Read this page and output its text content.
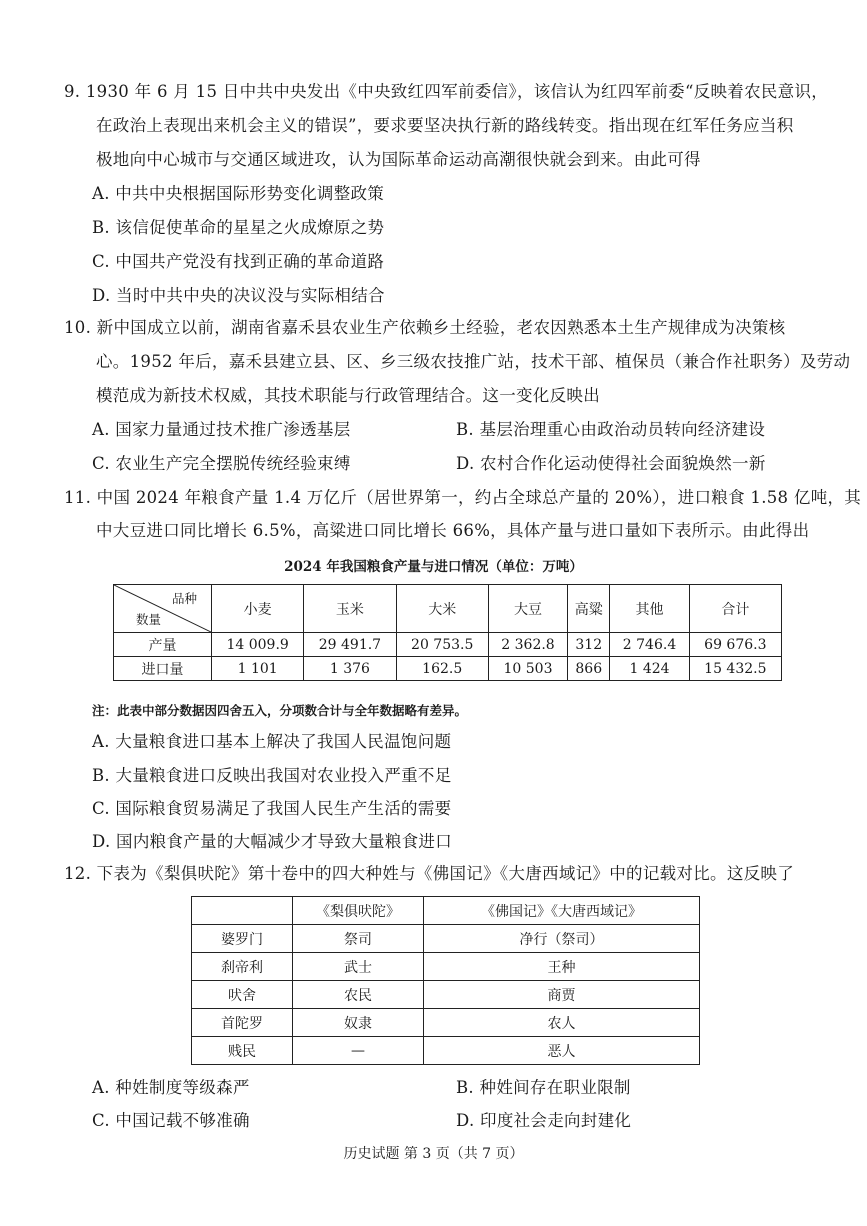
9. 1930 年 6 月 15 日中共中央发出《中央致红四军前委信》，该信认为红四军前委“反映着农民意识，
在政治上表现出来机会主义的错误”，要求要坚决执行新的路线转变。指出现在红军任务应当积
极地向中心城市与交通区域进攻，认为国际革命运动高潮很快就会到来。由此可得
A. 中共中央根据国际形势变化调整政策
B. 该信促使革命的星星之火成燎原之势
C. 中国共产党没有找到正确的革命道路
D. 当时中共中央的决议没与实际相结合
10. 新中国成立以前，湖南省嘉禾县农业生产依赖乡土经验，老农因熟悉本土生产规律成为决策核
心。1952 年后，嘉禾县建立县、区、乡三级农技推广站，技术干部、植保员（兼合作社职务）及劳动
模范成为新技术权威，其技术职能与行政管理结合。这一变化反映出
A. 国家力量通过技术推广渗透基层	B. 基层治理重心由政治动员转向经济建设
C. 农业生产完全摆脱传统经验束缚	D. 农村合作化运动使得社会面貌焕然一新
11. 中国 2024 年粮食产量 1.4 万亿斤（居世界第一，约占全球总产量的 20%），进口粮食 1.58 亿吨，其
中大豆进口同比增长 6.5%，高粱进口同比增长 66%，具体产量与进口量如下表所示。由此得出
2024 年我国粮食产量与进口情况（单位：万吨）
品种
数量	小麦	玉米	大米	大豆	高粱	其他	合计
产量	14 009.9	29 491.7	20 753.5	2 362.8	312	2 746.4	69 676.3
进口量	1 101	1 376	162.5	10 503	866	1 424	15 432.5
注：此表中部分数据因四舍五入，分项数合计与全年数据略有差异。
A. 大量粮食进口基本上解决了我国人民温饱问题
B. 大量粮食进口反映出我国对农业投入严重不足
C. 国际粮食贸易满足了我国人民生产生活的需要
D. 国内粮食产量的大幅减少才导致大量粮食进口
12. 下表为《梨俱吠陀》第十卷中的四大种姓与《佛国记》《大唐西域记》中的记载对比。这反映了
	《梨俱吠陀》	《佛国记》《大唐西域记》
婆罗门	祭司	净行（祭司）
刹帝利	武士	王种
吠舍	农民	商贾
首陀罗	奴隶	农人
贱民	—	恶人
A. 种姓制度等级森严	B. 种姓间存在职业限制
C. 中国记载不够准确	D. 印度社会走向封建化
历史试题 第 3 页（共 7 页）
